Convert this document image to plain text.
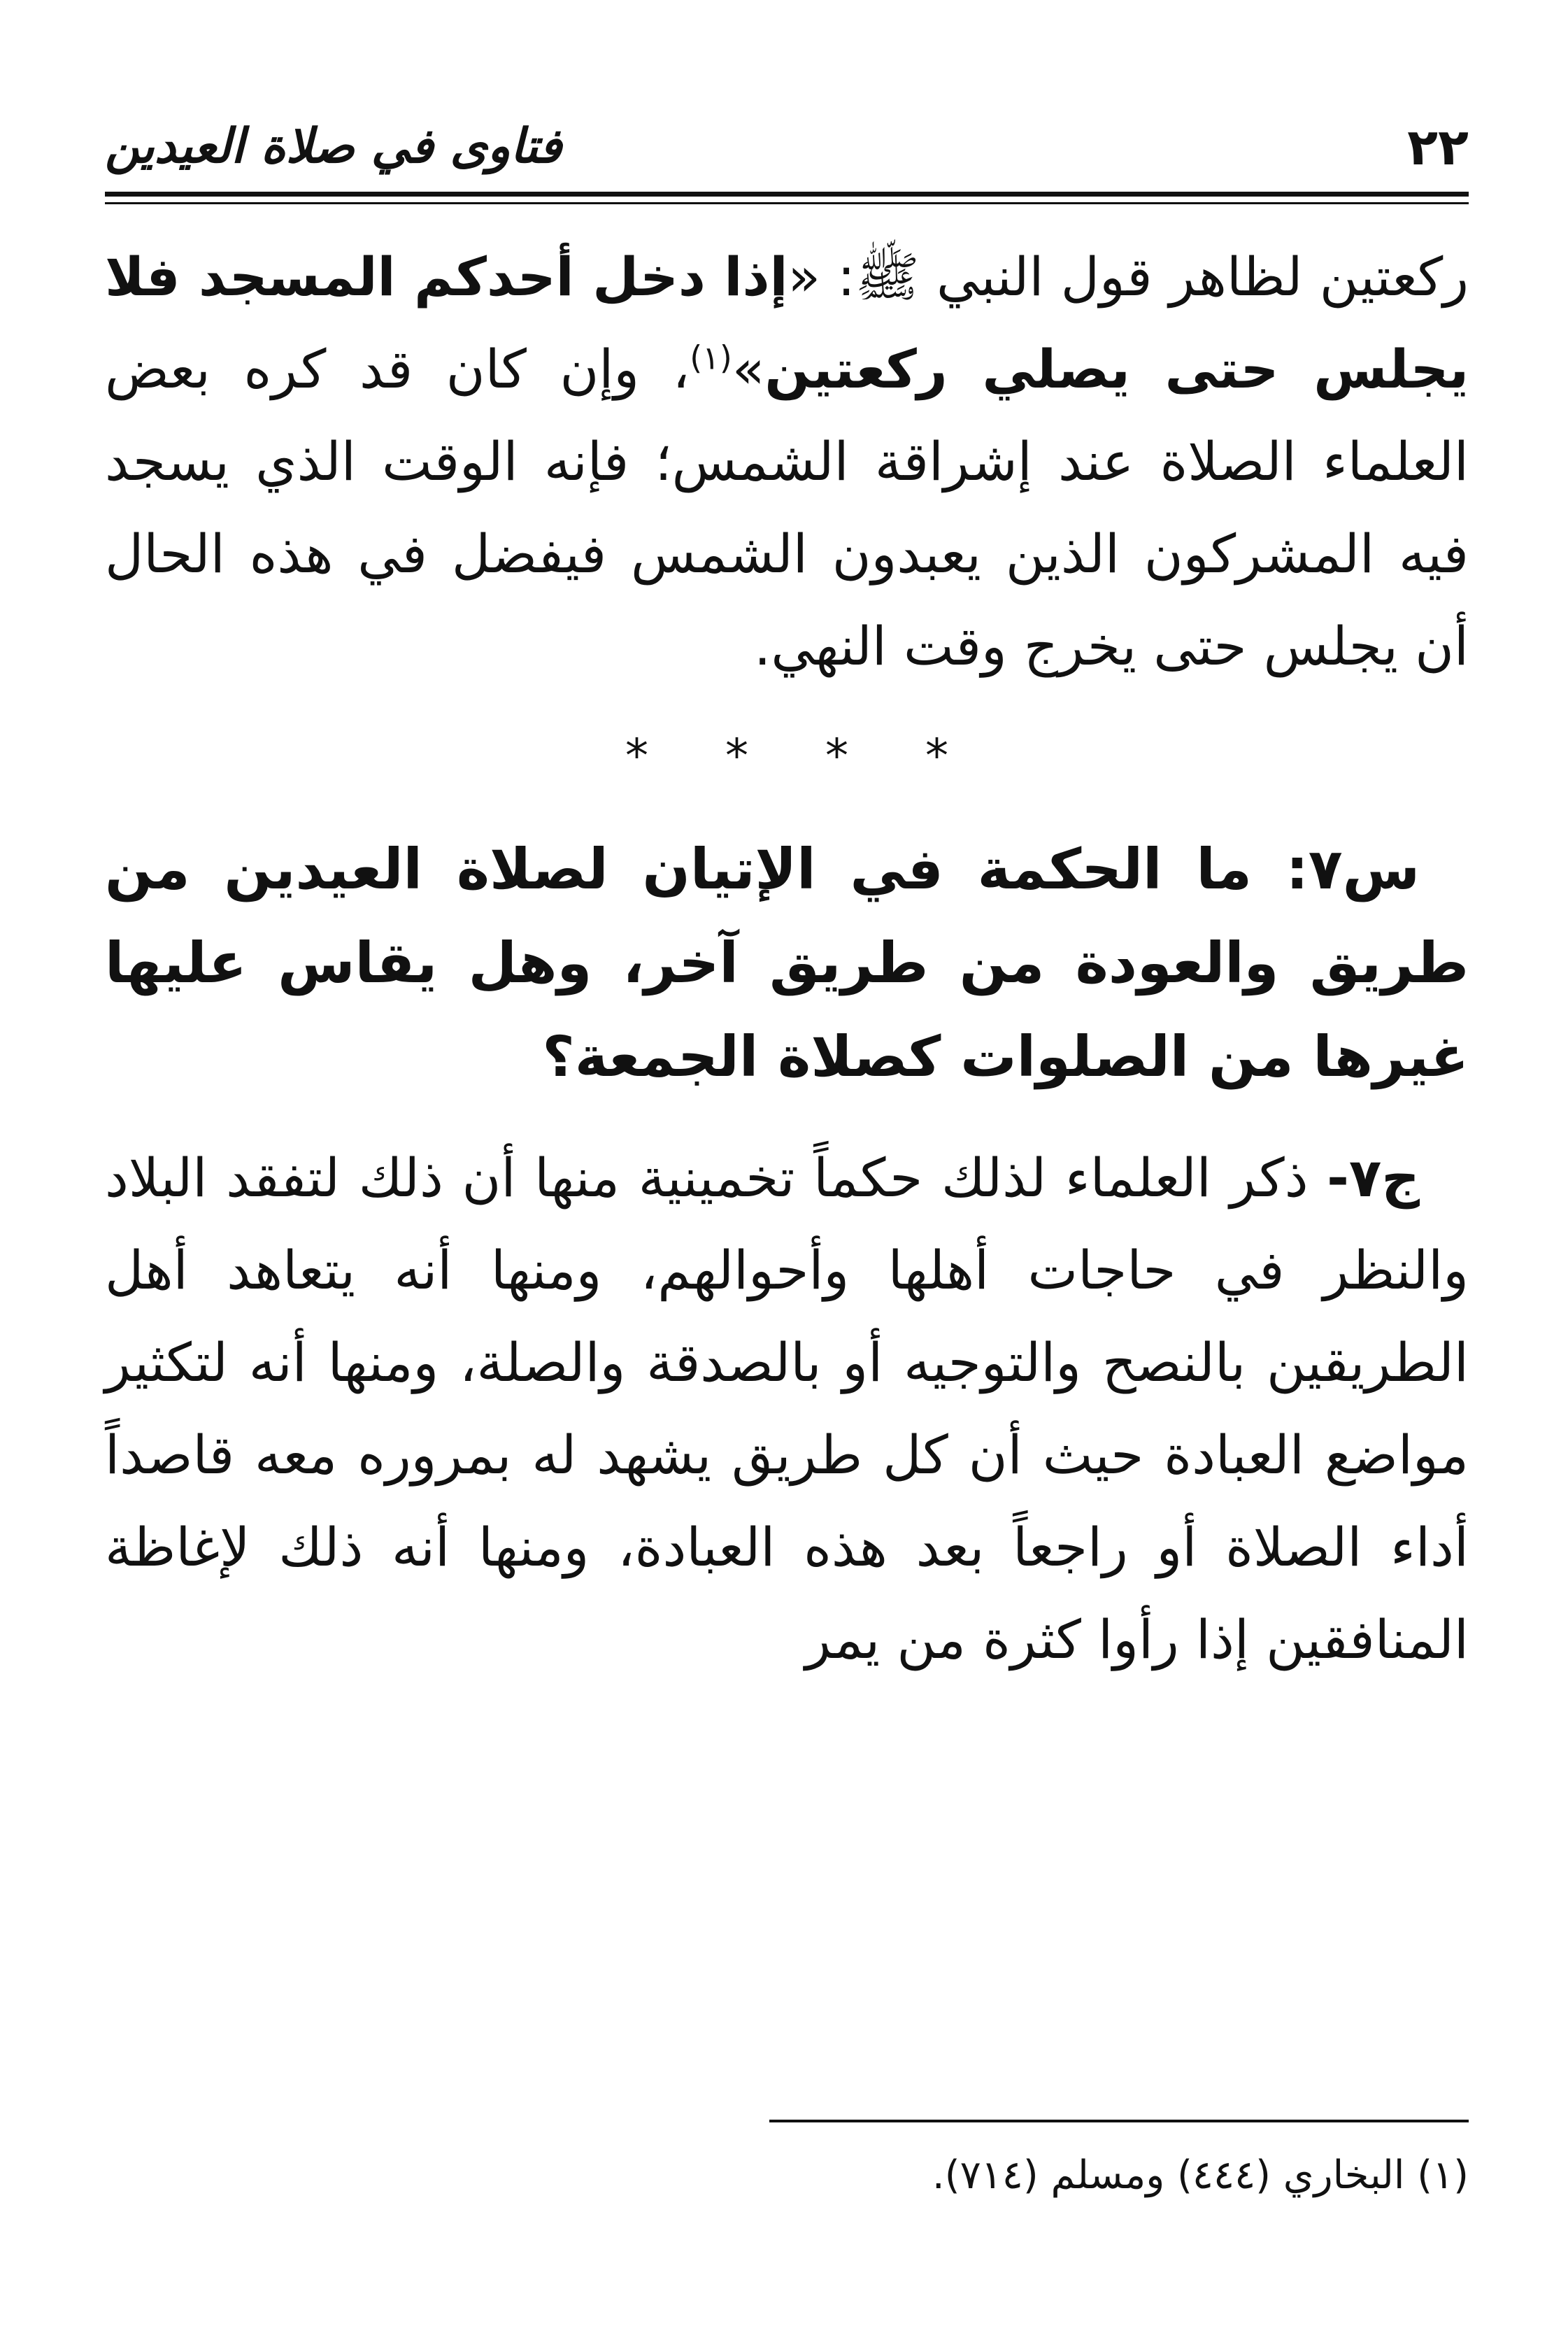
٢٢
فتاوى في صلاة العيدين

ركعتين لظاهر قول النبي ﷺ: «إذا دخل أحدكم المسجد فلا يجلس حتى يصلي ركعتين»$^{(١)}$، وإن كان قد كره بعض العلماء الصلاة عند إشراقة الشمس؛ فإنه الوقت الذي يسجد فيه المشركون الذين يعبدون الشمس فيفضل في هذه الحال أن يجلس حتى يخرج وقت النهي.

*
*
*
*

س٧: ما الحكمة في الإتيان لصلاة العيدين من طريق والعودة من طريق آخر، وهل يقاس عليها غيرها من الصلوات كصلاة الجمعة؟

ج٧- ذكر العلماء لذلك حكماً تخمينية منها أن ذلك لتفقد البلاد والنظر في حاجات أهلها وأحوالهم، ومنها أنه يتعاهد أهل الطريقين بالنصح والتوجيه أو بالصدقة والصلة، ومنها أنه لتكثير مواضع العبادة حيث أن كل طريق يشهد له بمروره معه قاصداً أداء الصلاة أو راجعاً بعد هذه العبادة، ومنها أنه ذلك لإغاظة المنافقين إذا رأوا كثرة من يمر

(١) البخاري (٤٤٤) ومسلم (٧١٤).
